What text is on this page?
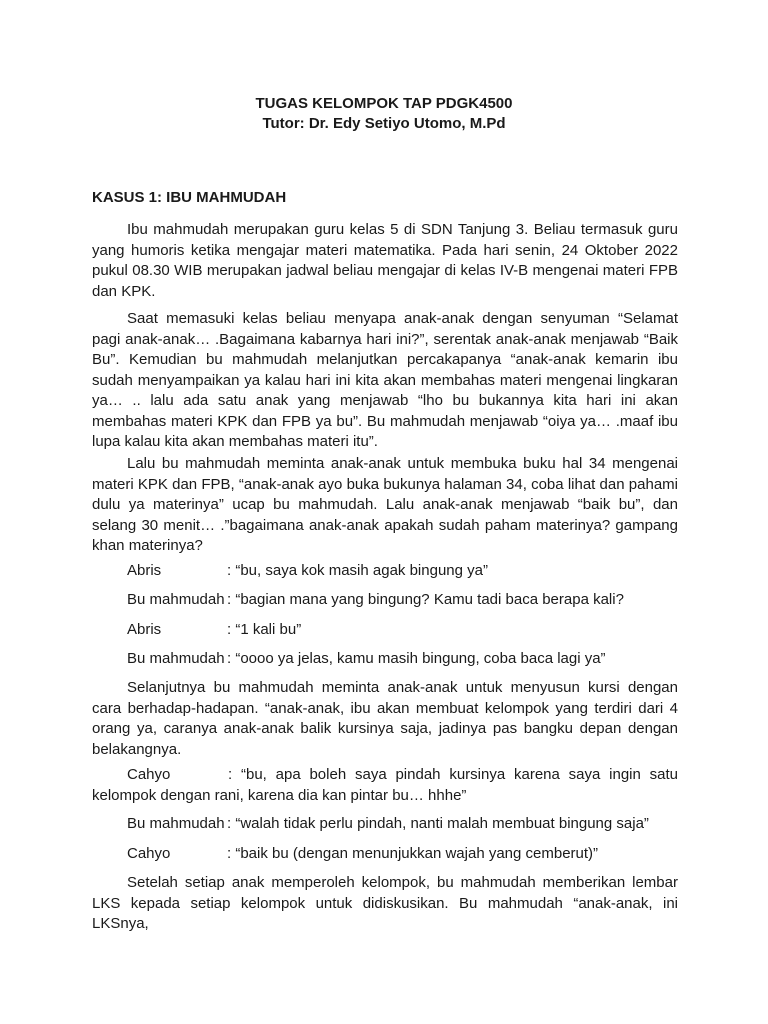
TUGAS KELOMPOK TAP PDGK4500
Tutor: Dr. Edy Setiyo Utomo, M.Pd
KASUS 1: IBU MAHMUDAH

Ibu mahmudah merupakan guru kelas 5 di SDN Tanjung 3. Beliau termasuk guru yang humoris ketika mengajar materi matematika. Pada hari senin, 24 Oktober 2022 pukul 08.30 WIB merupakan jadwal beliau mengajar di kelas IV-B mengenai materi FPB dan KPK.

Saat memasuki kelas beliau menyapa anak-anak dengan senyuman “Selamat pagi anak-anak… .Bagaimana kabarnya hari ini?”, serentak anak-anak menjawab “Baik Bu”. Kemudian bu mahmudah melanjutkan percakapanya “anak-anak kemarin ibu sudah menyampaikan ya kalau hari ini kita akan membahas materi mengenai lingkaran ya… .. lalu ada satu anak yang menjawab “lho bu bukannya kita hari ini akan membahas materi KPK dan FPB ya bu”. Bu mahmudah menjawab “oiya ya… .maaf ibu lupa kalau kita akan membahas materi itu”.

Lalu bu mahmudah meminta anak-anak untuk membuka buku hal 34 mengenai materi KPK dan FPB, “anak-anak ayo buka bukunya halaman 34, coba lihat dan pahami dulu ya materinya” ucap bu mahmudah. Lalu anak-anak menjawab “baik bu”, dan selang 30 menit… .”bagaimana anak-anak apakah sudah paham materinya? gampang khan materinya?

Abris	: “bu, saya kok masih agak bingung ya”
Bu mahmudah : “bagian mana yang bingung? Kamu tadi baca berapa kali?
Abris	: “1 kali bu”
Bu mahmudah : “oooo ya jelas, kamu masih bingung, coba baca lagi ya”

Selanjutnya bu mahmudah meminta anak-anak untuk menyusun kursi dengan cara berhadap-hadapan. “anak-anak, ibu akan membuat kelompok yang terdiri dari 4 orang ya, caranya anak-anak balik kursinya saja, jadinya pas bangku depan dengan belakangnya.

Cahyo	: “bu, apa boleh saya pindah kursinya karena saya ingin satu kelompok dengan rani, karena dia kan pintar bu… hhhe”

Bu mahmudah : “walah tidak perlu pindah, nanti malah membuat bingung saja”
Cahyo	: “baik bu (dengan menunjukkan wajah yang cemberut)”

Setelah setiap anak memperoleh kelompok, bu mahmudah memberikan lembar LKS kepada setiap kelompok untuk didiskusikan. Bu mahmudah “anak-anak, ini LKSnya,
